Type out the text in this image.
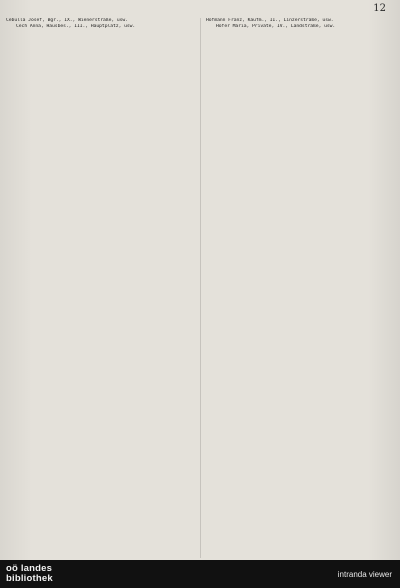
12
Cebulla Josef, Bgr., IX., Wienerstraße, usw.
Cech Anna, Hausbes., III., Hauptplatz, usw.
Hofmann Franz, Kaufm., II., Linzerstraße, usw.
Hofer Maria, Private, IV., Landstraße, usw.
oö landes
bibliothek	intranda viewer
